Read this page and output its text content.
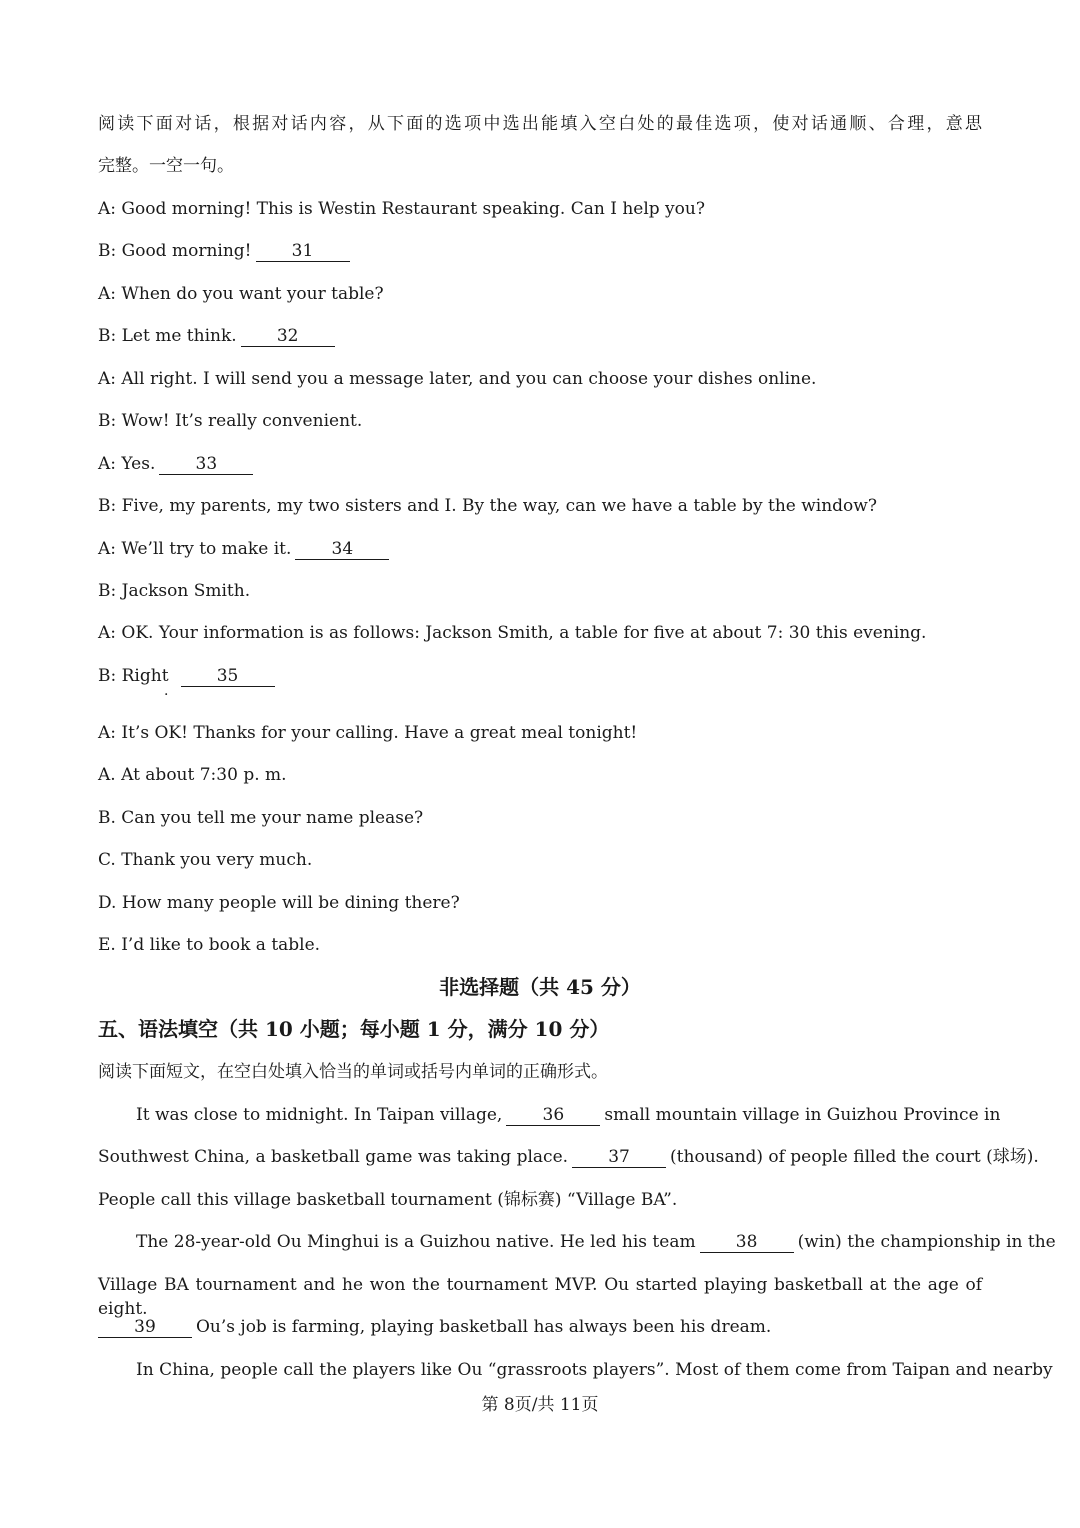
阅读下面对话，根据对话内容，从下面的选项中选出能填入空白处的最佳选项，使对话通顺、合理，意思
完整。一空一句。
A: Good morning! This is Westin Restaurant speaking. Can I help you?
B: Good morning! 31
A: When do you want your table?
B: Let me think. 32
A: All right. I will send you a message later, and you can choose your dishes online.
B: Wow! It’s really convenient.
A: Yes. 33
B: Five, my parents, my two sisters and I. By the way, can we have a table by the window?
A: We’ll try to make it. 34
B: Jackson Smith.
A: OK. Your information is as follows: Jackson Smith, a table for five at about 7: 30 this evening.
B: Right	35
·
A: It’s OK! Thanks for your calling. Have a great meal tonight!
A. At about 7:30 p. m.
B. Can you tell me your name please?
C. Thank you very much.
D. How many people will be dining there?
E. I’d like to book a table.
非选择题（共 45 分）
五、语法填空（共 10 小题；每小题 1 分，满分 10 分）
阅读下面短文，在空白处填入恰当的单词或括号内单词的正确形式。
It was close to midnight. In Taipan village, 36 small mountain village in Guizhou Province in
Southwest China, a basketball game was taking place. 37 (thousand) of people filled the court (球场).
People call this village basketball tournament (锦标赛) “Village BA”.
The 28-year-old Ou Minghui is a Guizhou native. He led his team 38 (win) the championship in the
Village BA tournament and he won the tournament MVP. Ou started playing basketball at the age of eight.
39 Ou’s job is farming, playing basketball has always been his dream.
In China, people call the players like Ou “grassroots players”. Most of them come from Taipan and nearby
第 8页/共 11页
